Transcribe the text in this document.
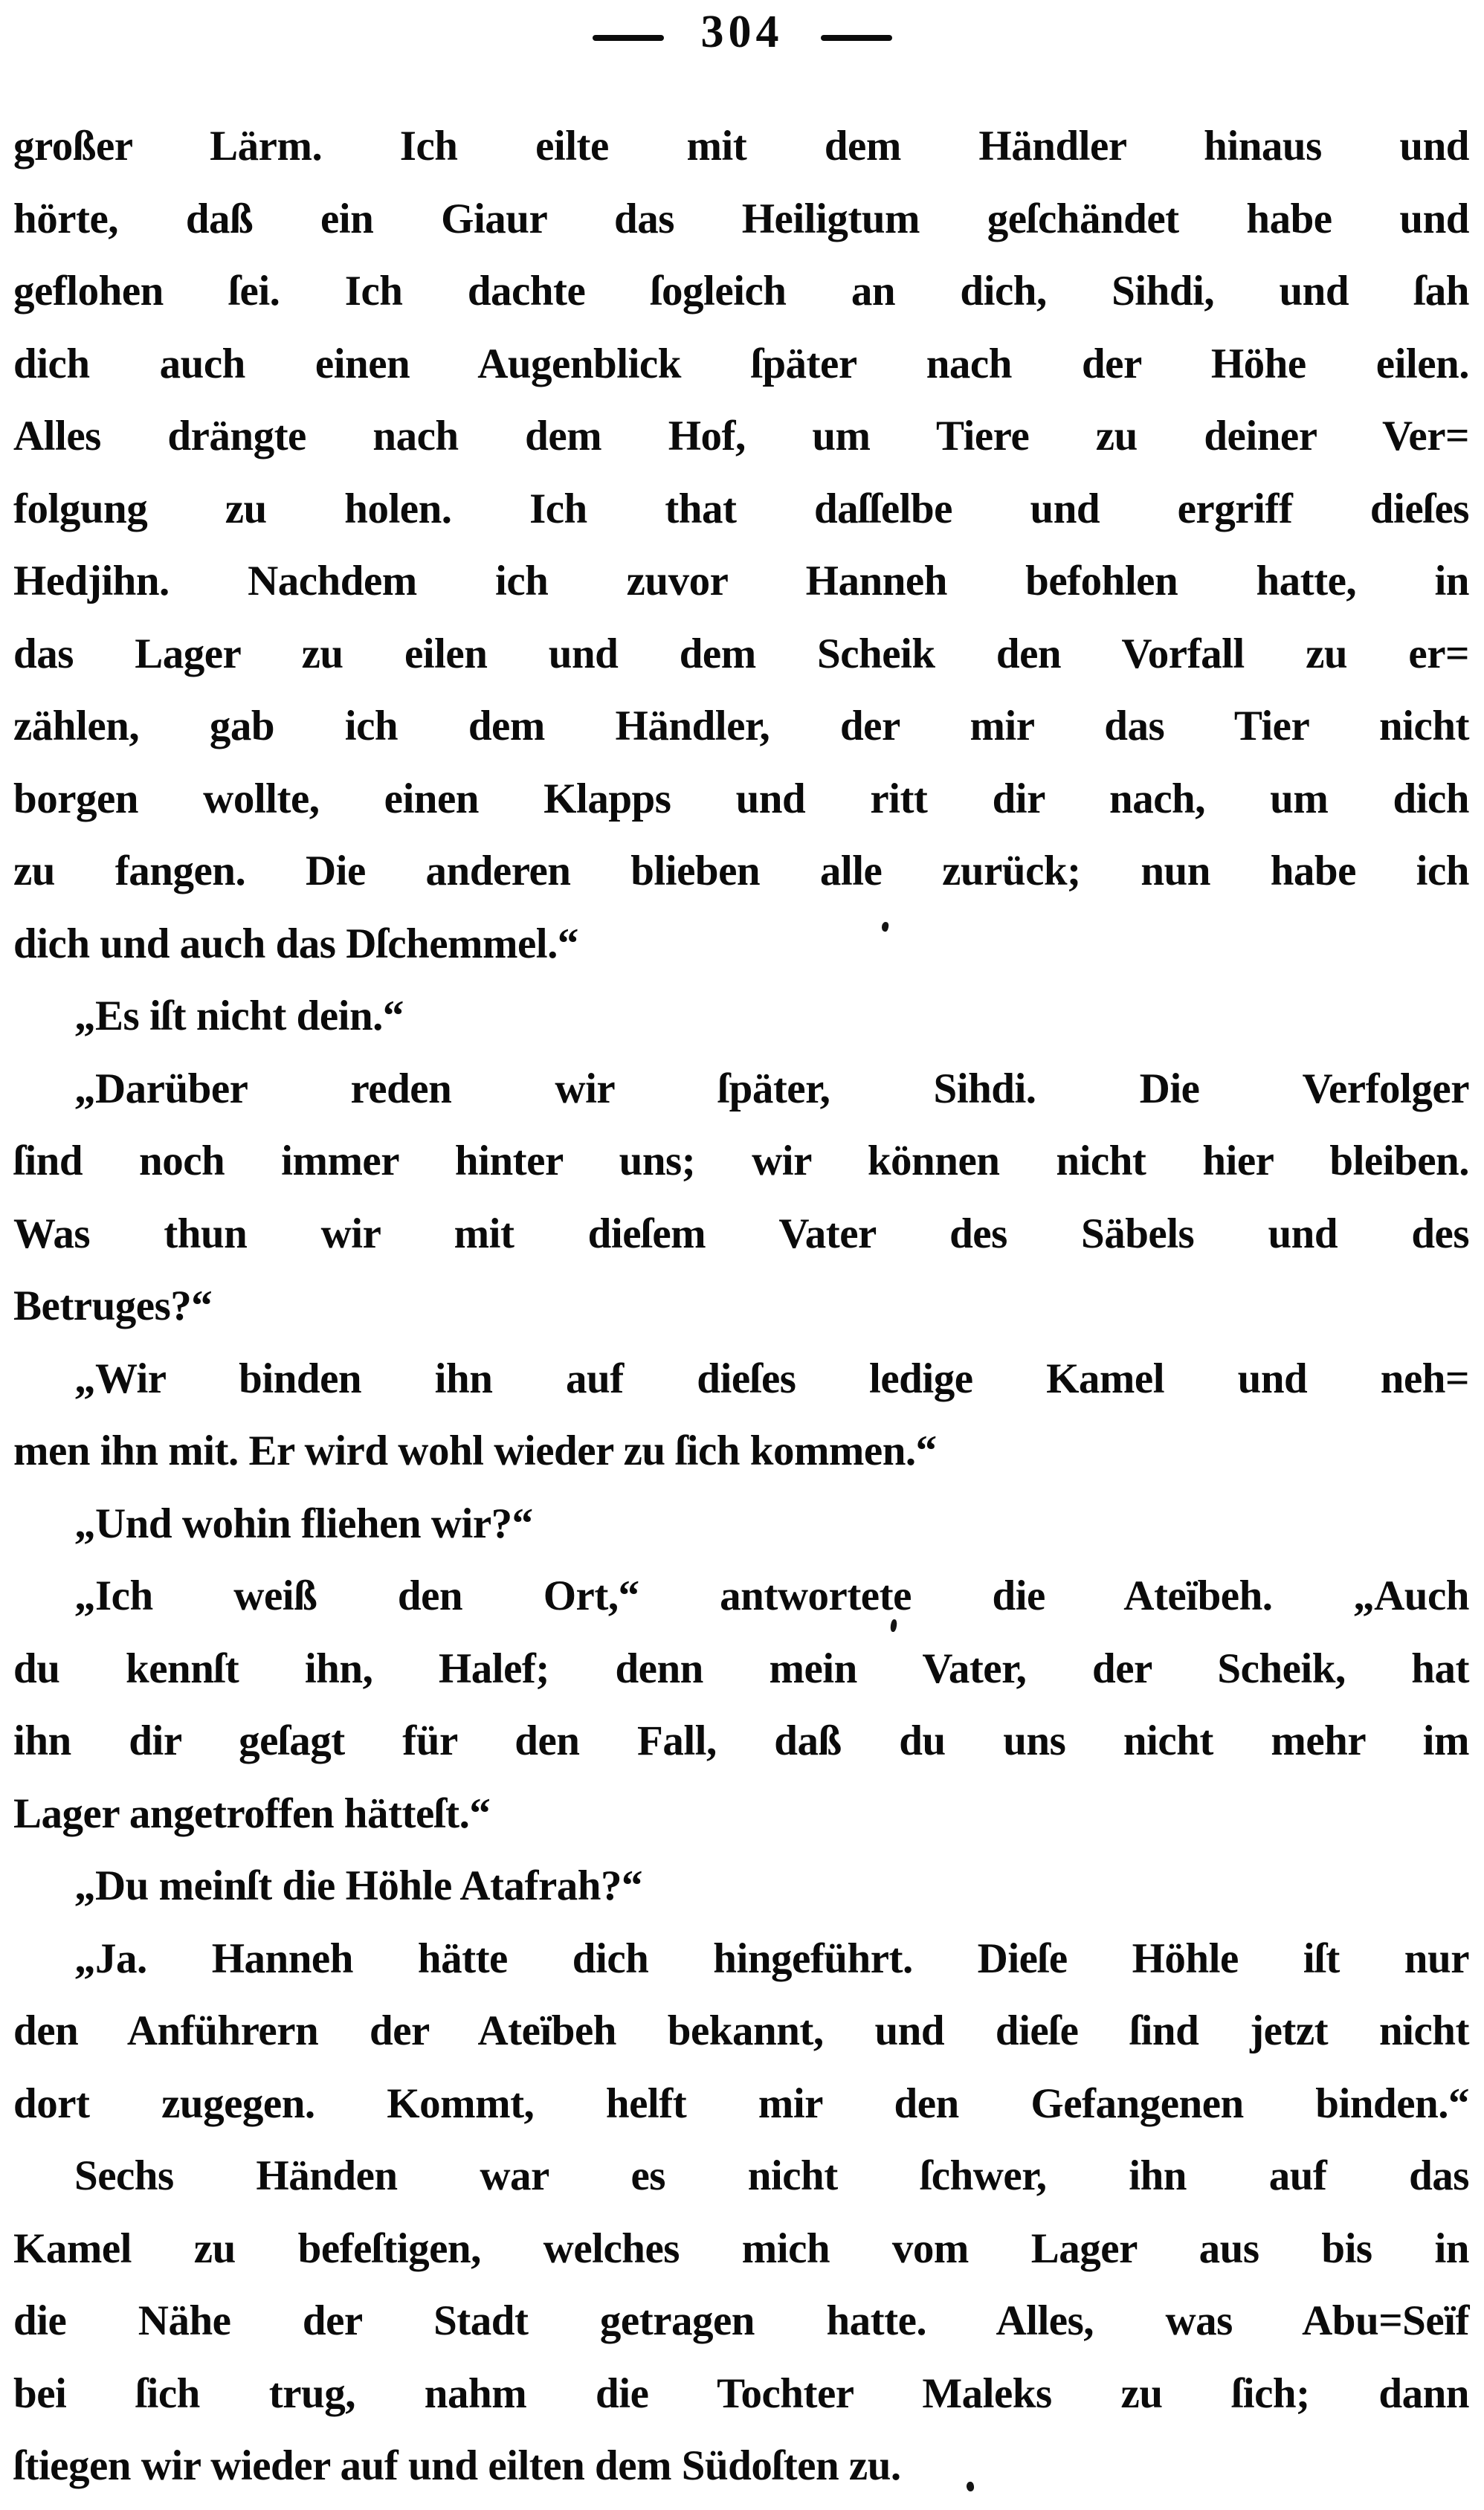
304
großer Lärm. Ich eilte mit dem Händler hinaus und
hörte, daß ein Giaur das Heiligtum geſchändet habe und
geflohen ſei. Ich dachte ſogleich an dich, Sihdi, und ſah
dich auch einen Augenblick ſpäter nach der Höhe eilen.
Alles drängte nach dem Hof, um Tiere zu deiner Ver=
folgung zu holen. Ich that daſſelbe und ergriff dieſes
Hedjihn. Nachdem ich zuvor Hanneh befohlen hatte, in
das Lager zu eilen und dem Scheik den Vorfall zu er=
zählen, gab ich dem Händler, der mir das Tier nicht
borgen wollte, einen Klapps und ritt dir nach, um dich
zu fangen. Die anderen blieben alle zurück; nun habe ich
dich und auch das Dſchemmel.“
„Es iſt nicht dein.“
„Darüber reden wir ſpäter, Sihdi. Die Verfolger
ſind noch immer hinter uns; wir können nicht hier bleiben.
Was thun wir mit dieſem Vater des Säbels und des
Betruges?“
„Wir binden ihn auf dieſes ledige Kamel und neh=
men ihn mit. Er wird wohl wieder zu ſich kommen.“
„Und wohin fliehen wir?“
„Ich weiß den Ort,“ antwortete die Ateïbeh. „Auch
du kennſt ihn, Halef; denn mein Vater, der Scheik, hat
ihn dir geſagt für den Fall, daß du uns nicht mehr im
Lager angetroffen hätteſt.“
„Du meinſt die Höhle Atafrah?“
„Ja. Hanneh hätte dich hingeführt. Dieſe Höhle iſt nur
den Anführern der Ateïbeh bekannt, und dieſe ſind jetzt nicht
dort zugegen. Kommt, helft mir den Gefangenen binden.“
Sechs Händen war es nicht ſchwer, ihn auf das
Kamel zu befeſtigen, welches mich vom Lager aus bis in
die Nähe der Stadt getragen hatte. Alles, was Abu=Seïf
bei ſich trug, nahm die Tochter Maleks zu ſich; dann
ſtiegen wir wieder auf und eilten dem Südoſten zu.
